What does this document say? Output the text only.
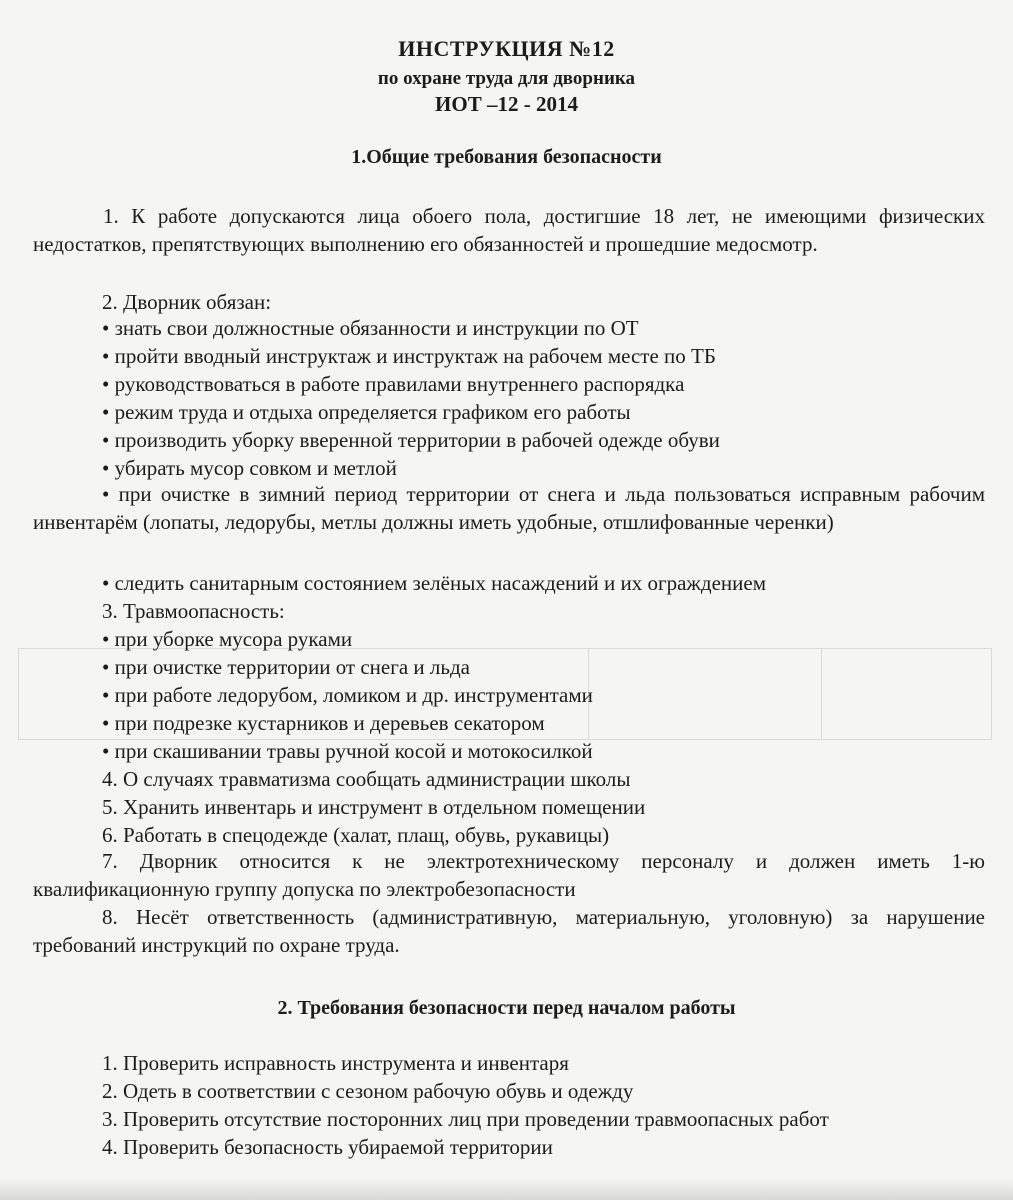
ИНСТРУКЦИЯ №12
по охране труда для дворника
ИОТ –12 - 2014
1.Общие требования безопасности
1. К работе допускаются лица обоего пола, достигшие 18 лет, не имеющими физических недостатков, препятствующих выполнению его обязанностей и прошедшие медосмотр.
2. Дворник обязан:
• знать свои должностные обязанности и инструкции по ОТ
• пройти вводный инструктаж и инструктаж на рабочем месте по ТБ
• руководствоваться в работе правилами внутреннего распорядка
• режим труда и отдыха определяется графиком его работы
• производить уборку вверенной территории в рабочей одежде обуви
• убирать мусор совком и метлой
• при очистке в зимний период территории от снега и льда пользоваться исправным рабочим инвентарём (лопаты, ледорубы, метлы должны иметь удобные, отшлифованные черенки)
• следить санитарным состоянием зелёных насаждений и их ограждением
3. Травмоопасность:
• при уборке мусора руками
• при очистке территории от снега и льда
• при работе ледорубом, ломиком и др. инструментами
• при подрезке кустарников и деревьев секатором
• при скашивании травы ручной косой и мотокосилкой
4. О случаях травматизма сообщать администрации школы
5. Хранить инвентарь и инструмент в отдельном помещении
6. Работать в спецодежде (халат, плащ, обувь, рукавицы)
7. Дворник относится к не электротехническому персоналу и должен иметь 1-ю квалификационную группу допуска по электробезопасности
8. Несёт ответственность (административную, материальную, уголовную) за нарушение требований инструкций по охране труда.
2. Требования безопасности перед началом работы
1. Проверить исправность инструмента и инвентаря
2. Одеть в соответствии с сезоном рабочую обувь и одежду
3. Проверить отсутствие посторонних лиц при проведении травмоопасных работ
4. Проверить безопасность убираемой территории
